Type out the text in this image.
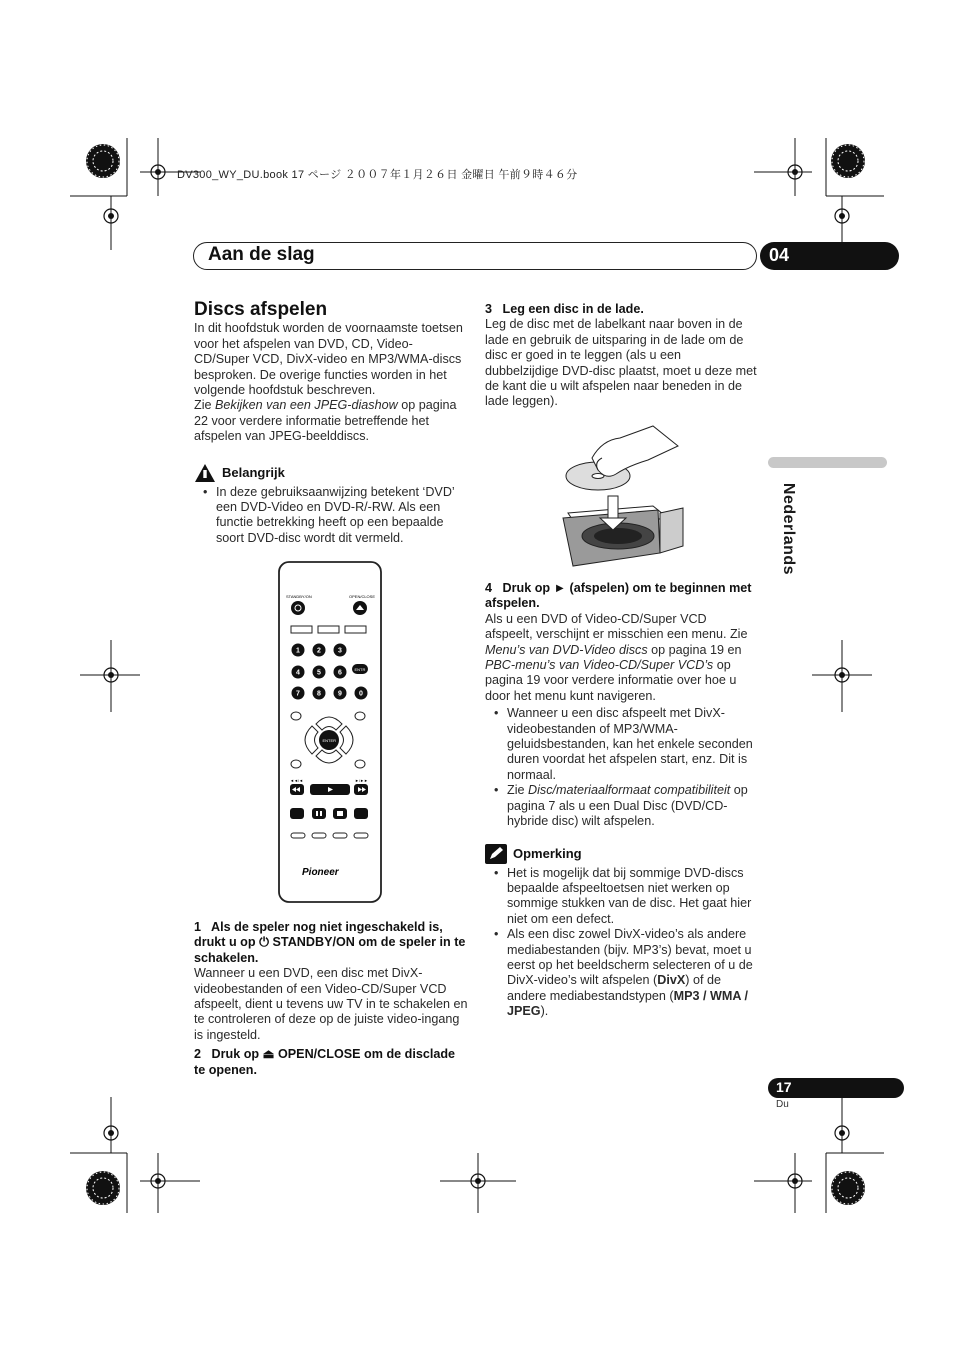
DV300_WY_DU.book 17 ページ ２００７年１月２６日 金曜日 午前９時４６分
Aan de slag	04
Nederlands
Discs afspelen

In dit hoofdstuk worden de voornaamste toetsen voor het afspelen van DVD, CD, Video-CD/Super VCD, DivX-video en MP3/WMA-discs besproken. De overige functies worden in het volgende hoofdstuk beschreven.

Zie Bekijken van een JPEG-diashow op pagina 22 voor verdere informatie betreffende het afspelen van JPEG-beelddiscs.

Belangrijk
• In deze gebruiksaanwijzing betekent ‘DVD’ een DVD-Video en DVD-R/-RW. Als een functie betrekking heeft op een bepaalde soort DVD-disc wordt dit vermeld.
STANDBY/ON	OPEN/CLOSE
1 2 3
4 5 6
7 8 9 0
ENTR
ENTER
◄◄/◄	►/►►
Pioneer

1 Als de speler nog niet ingeschakeld is, drukt u op ⏻ STANDBY/ON om de speler in te schakelen.

Wanneer u een DVD, een disc met DivX-videobestanden of een Video-CD/Super VCD afspeelt, dient u tevens uw TV in te schakelen en te controleren of deze op de juiste video-ingang is ingesteld.

2 Druk op ⏏ OPEN/CLOSE om de disclade te openen.

3 Leg een disc in de lade.

Leg de disc met de labelkant naar boven in de lade en gebruik de uitsparing in de lade om de disc er goed in te leggen (als u een dubbelzijdige DVD-disc plaatst, moet u deze met de kant die u wilt afspelen naar beneden in de lade leggen).

4 Druk op ► (afspelen) om te beginnen met afspelen.

Als u een DVD of Video-CD/Super VCD afspeelt, verschijnt er misschien een menu. Zie Menu’s van DVD-Video discs op pagina 19 en PBC-menu’s van Video-CD/Super VCD’s op pagina 19 voor verdere informatie over hoe u door het menu kunt navigeren.

• Wanneer u een disc afspeelt met DivX-videobestanden of MP3/WMA-geluidsbestanden, kan het enkele seconden duren voordat het afspelen start, enz. Dit is normaal.
• Zie Disc/materiaalformaat compatibiliteit op pagina 7 als u een Dual Disc (DVD/CD-hybride disc) wilt afspelen.
Opmerking
• Het is mogelijk dat bij sommige DVD-discs bepaalde afspeeltoetsen niet werken op sommige stukken van de disc. Het gaat hier niet om een defect.
• Als een disc zowel DivX-video’s als andere mediabestanden (bijv. MP3’s) bevat, moet u eerst op het beeldscherm selecteren of u de DivX-video’s wilt afspelen (DivX) of de andere mediabestandstypen (MP3 / WMA / JPEG).
17
Du
